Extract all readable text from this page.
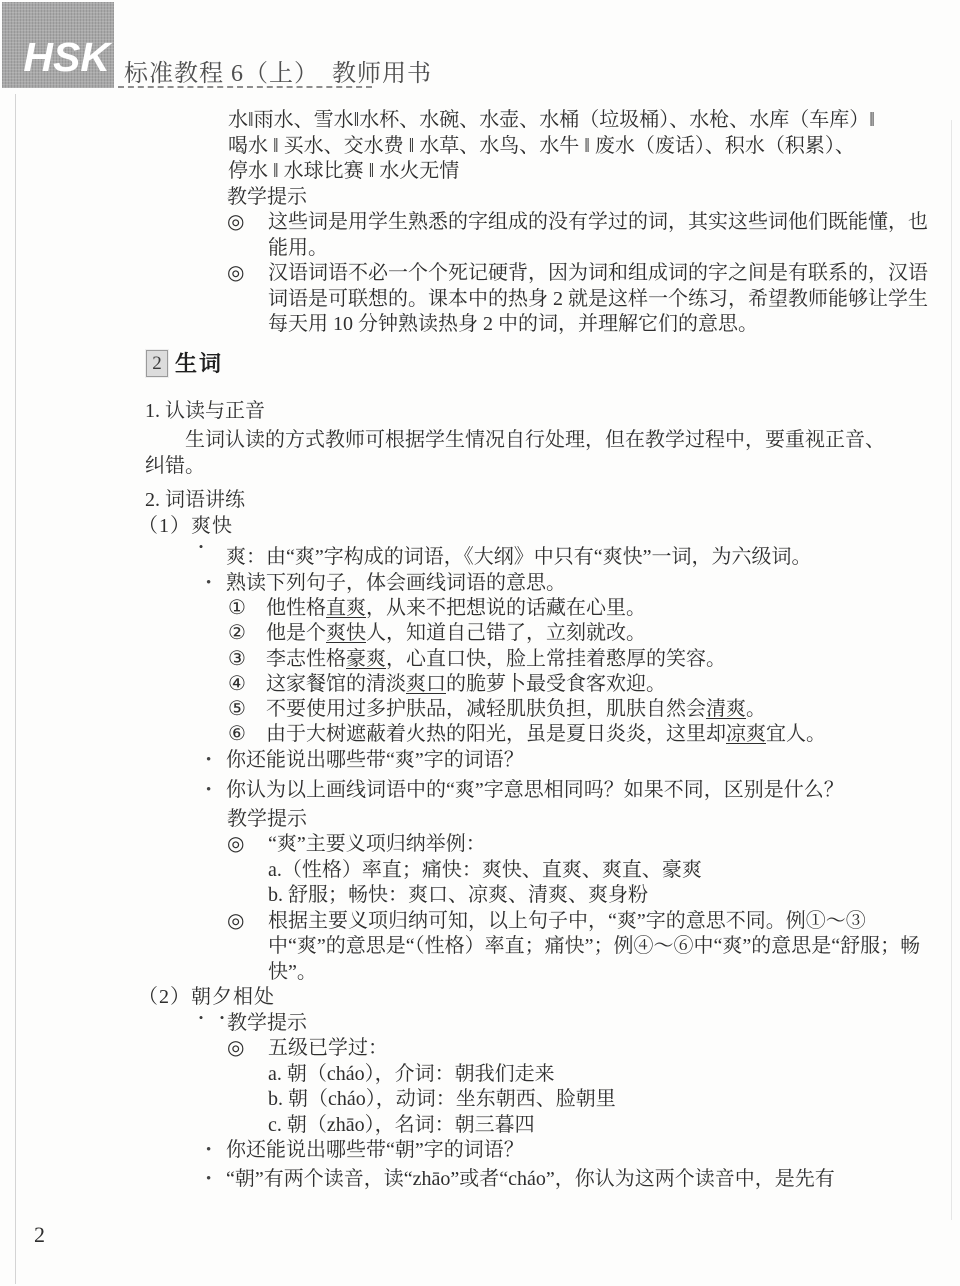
HSK 标准教程 6（上）　教师用书
水‖雨水、雪水‖水杯、水碗、水壶、水桶（垃圾桶）、水枪、水库（车库）‖
喝水 ‖ 买水、交水费 ‖ 水草、水鸟、水牛 ‖ 废水（废话）、积水（积累）、
停水 ‖ 水球比赛 ‖ 水火无情
教学提示
◎	这些词是用学生熟悉的字组成的没有学过的词，其实这些词他们既能懂，也能用。
◎	汉语词语不必一个个死记硬背，因为词和组成词的字之间是有联系的，汉语词语是可联想的。课本中的热身 2 就是这样一个练习，希望教师能够让学生每天用 10 分钟熟读热身 2 中的词，并理解它们的意思。
2 生词
1. 认读与正音
生词认读的方式教师可根据学生情况自行处理，但在教学过程中，要重视正音、纠错。
2. 词语讲练
（1）爽快
爽：由“爽”字构成的词语，《大纲》中只有“爽快”一词，为六级词。
• 熟读下列句子，体会画线词语的意思。
①	他性格直爽，从来不把想说的话藏在心里。
②	他是个爽快人，知道自己错了，立刻就改。
③	李志性格豪爽，心直口快，脸上常挂着憨厚的笑容。
④	这家餐馆的清淡爽口的脆萝卜最受食客欢迎。
⑤	不要使用过多护肤品，减轻肌肤负担，肌肤自然会清爽。
⑥	由于大树遮蔽着火热的阳光，虽是夏日炎炎，这里却凉爽宜人。
• 你还能说出哪些带“爽”字的词语？
• 你认为以上画线词语中的“爽”字意思相同吗？如果不同，区别是什么？
教学提示
◎	“爽”主要义项归纳举例：
a.（性格）率直；痛快：爽快、直爽、爽直、豪爽
b. 舒服；畅快：爽口、凉爽、清爽、爽身粉
◎	根据主要义项归纳可知，以上句子中，“爽”字的意思不同。例①～③中“爽”的意思是“（性格）率直；痛快”；例④～⑥中“爽”的意思是“舒服；畅快”。
（2）朝夕相处
教学提示
◎	五级已学过：
a. 朝（cháo），介词：朝我们走来
b. 朝（cháo），动词：坐东朝西、脸朝里
c. 朝（zhāo），名词：朝三暮四
• 你还能说出哪些带“朝”字的词语？
• “朝”有两个读音，读“zhāo”或者“cháo”，你认为这两个读音中，是先有
2
